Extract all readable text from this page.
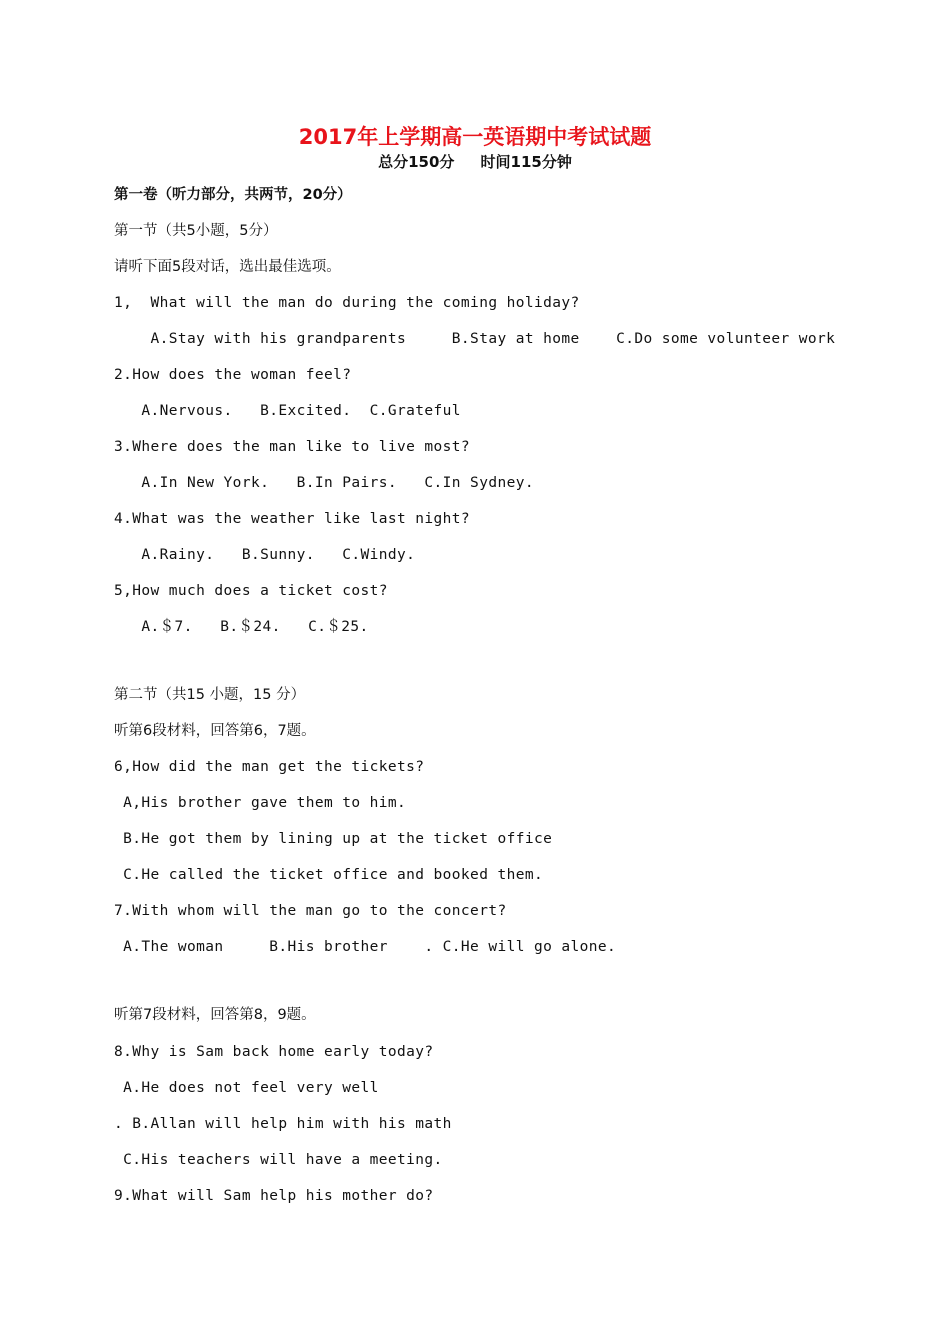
2017年上学期高一英语期中考试试题
总分150分     时间115分钟
第一卷（听力部分，共两节，20分）
第一节（共5小题，5分）
请听下面5段对话，选出最佳选项。
1,  What will the man do during the coming holiday?
A.Stay with his grandparents     B.Stay at home    C.Do some volunteer work
2.How does the woman feel?
A.Nervous.   B.Excited.  C.Grateful
3.Where does the man like to live most?
A.In New York.   B.In Pairs.   C.In Sydney.
4.What was the weather like last night?
A.Rainy.   B.Sunny.   C.Windy.
5,How much does a ticket cost?
A.＄7.   B.＄24.   C.＄25.
第二节（共15 小题，15 分）
听第6段材料，回答第6，7题。
6,How did the man get the tickets?
A,His brother gave them to him.
B.He got them by lining up at the ticket office
C.He called the ticket office and booked them.
7.With whom will the man go to the concert?
A.The woman     B.His brother    . C.He will go alone.
听第7段材料，回答第8，9题。
8.Why is Sam back home early today?
A.He does not feel very well
. B.Allan will help him with his math
C.His teachers will have a meeting.
9.What will Sam help his mother do?
